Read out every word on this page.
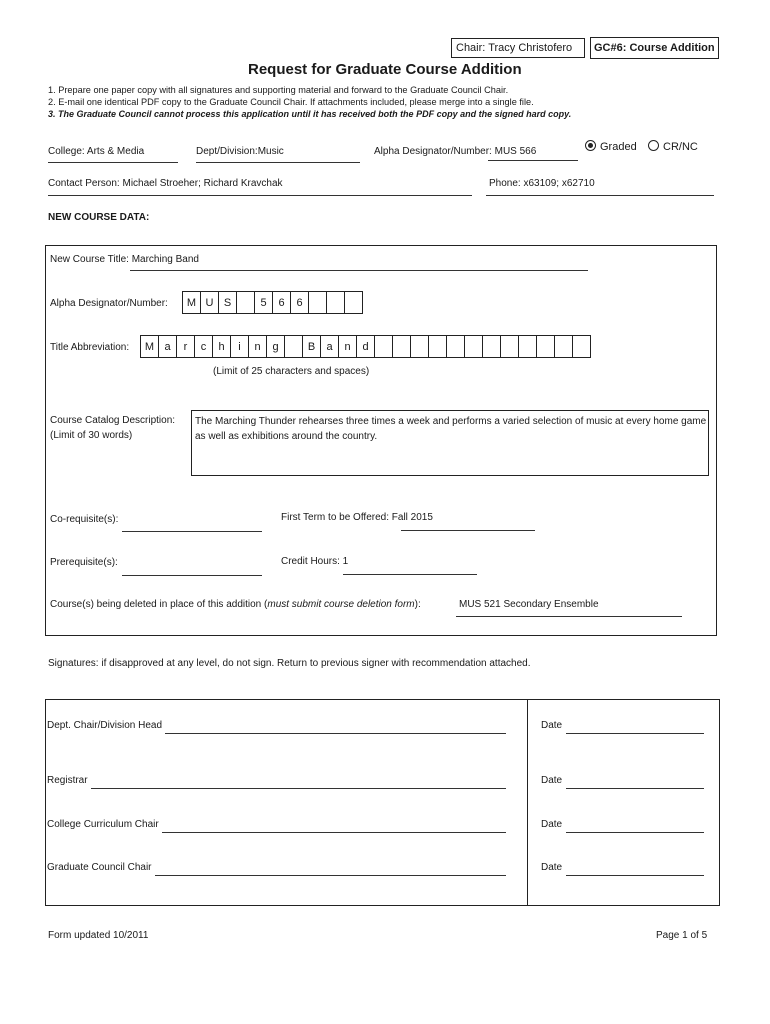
Chair: Tracy Christofero	GC#6: Course Addition
Request for Graduate Course Addition
1. Prepare one paper copy with all signatures and supporting material and forward to the Graduate Council Chair.
2. E-mail one identical PDF copy to the Graduate Council Chair. If attachments included, please merge into a single file.
3. The Graduate Council cannot process this application until it has received both the PDF copy and the signed hard copy.
College: Arts & Media	Dept/Division:Music	Alpha Designator/Number: MUS 566	Graded	CR/NC
Contact Person: Michael Stroeher; Richard Kravchak	Phone: x63109; x62710
NEW COURSE DATA:
New Course Title: Marching Band
Alpha Designator/Number:	M U S	5	6	6
Title Abbreviation:	M a	r	c	h	i	n	g	B	a	n	d
(Limit of 25 characters and spaces)
Course Catalog Description:
(Limit of 30 words)
The Marching Thunder rehearses three times a week and performs a varied selection of music at every home game as well as exhibitions around the country.
Co-requisite(s):	First Term to be Offered: Fall 2015
Prerequisite(s):	Credit Hours: 1
Course(s) being deleted in place of this addition (must submit course deletion form):	MUS 521 Secondary Ensemble
Signatures: if disapproved at any level, do not sign. Return to previous signer with recommendation attached.
Dept. Chair/Division Head	Date
Registrar	Date
College Curriculum Chair	Date
Graduate Council Chair	Date
Form updated 10/2011	Page 1 of 5
